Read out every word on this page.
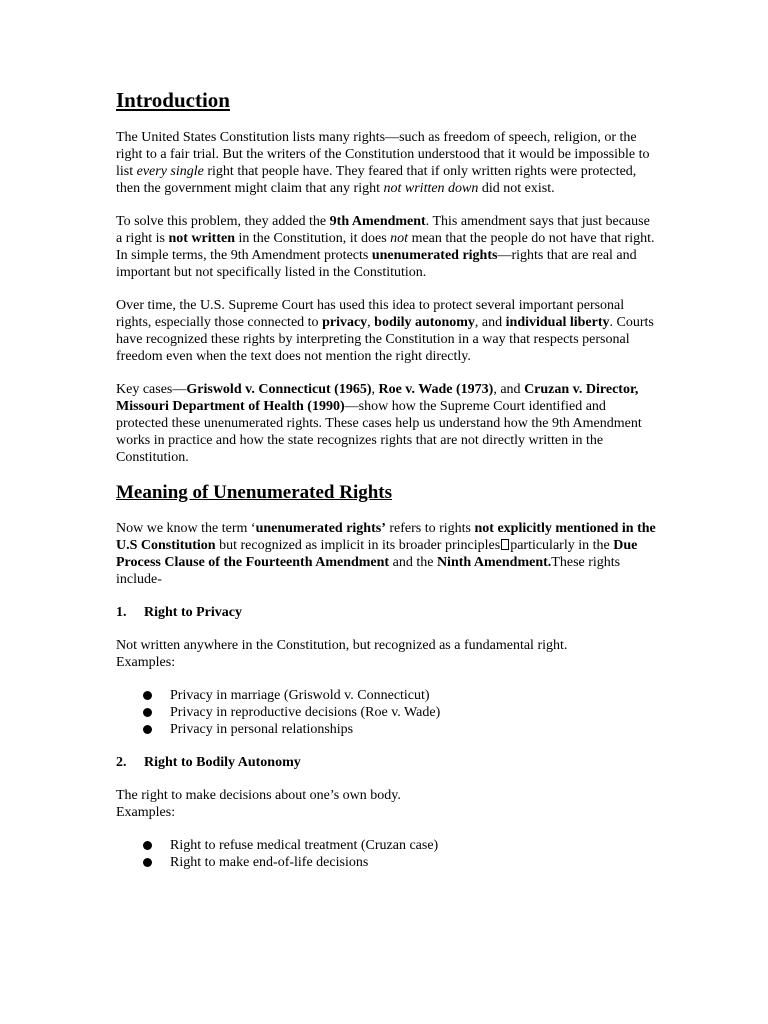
Introduction

The United States Constitution lists many rights—such as freedom of speech, religion, or the right to a fair trial. But the writers of the Constitution understood that it would be impossible to list every single right that people have. They feared that if only written rights were protected, then the government might claim that any right not written down did not exist.

To solve this problem, they added the 9th Amendment. This amendment says that just because a right is not written in the Constitution, it does not mean that the people do not have that right. In simple terms, the 9th Amendment protects unenumerated rights—rights that are real and important but not specifically listed in the Constitution.

Over time, the U.S. Supreme Court has used this idea to protect several important personal rights, especially those connected to privacy, bodily autonomy, and individual liberty. Courts have recognized these rights by interpreting the Constitution in a way that respects personal freedom even when the text does not mention the right directly.

Key cases—Griswold v. Connecticut (1965), Roe v. Wade (1973), and Cruzan v. Director, Missouri Department of Health (1990)—show how the Supreme Court identified and protected these unenumerated rights. These cases help us understand how the 9th Amendment works in practice and how the state recognizes rights that are not directly written in the Constitution.

Meaning of Unenumerated Rights

Now we know the term ‘unenumerated rights’ refers to rights not explicitly mentioned in the U.S Constitution but recognized as implicit in its broader principles particularly in the Due Process Clause of the Fourteenth Amendment and the Ninth Amendment.These rights include-

1.	Right to Privacy

Not written anywhere in the Constitution, but recognized as a fundamental right.
Examples:

Privacy in marriage (Griswold v. Connecticut)
Privacy in reproductive decisions (Roe v. Wade)
Privacy in personal relationships
2.	Right to Bodily Autonomy

The right to make decisions about one’s own body.
Examples:

Right to refuse medical treatment (Cruzan case)
Right to make end-of-life decisions
